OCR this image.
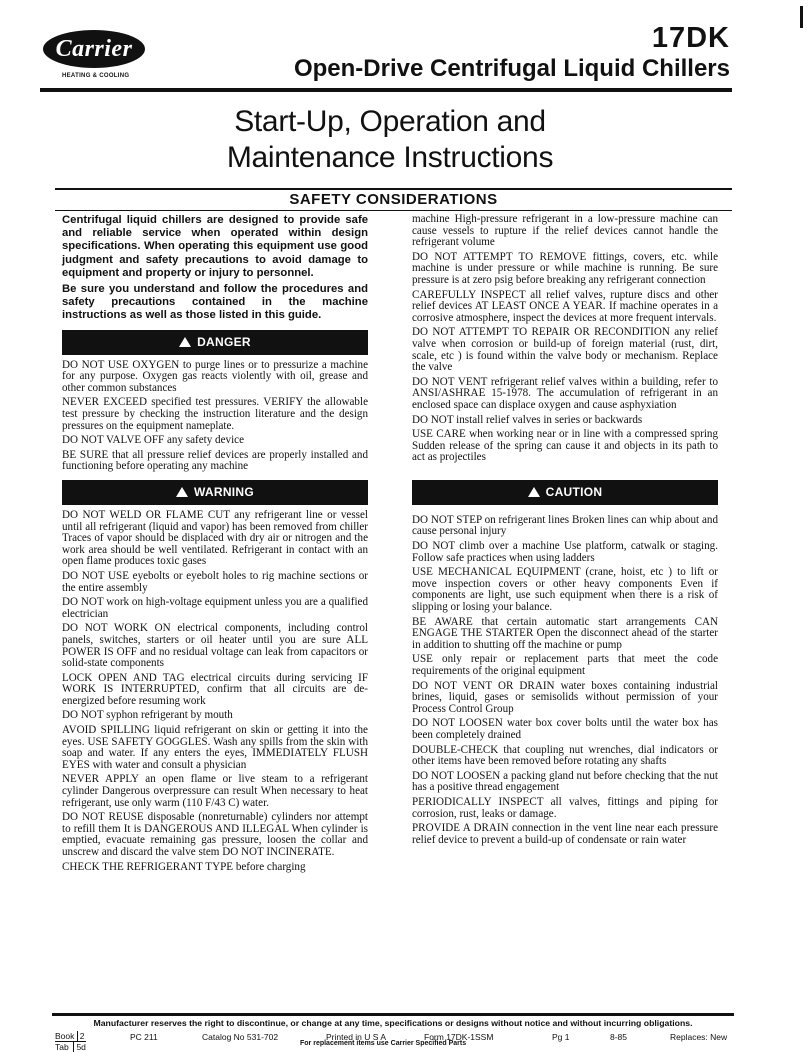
Carrier
HEATING & COOLING
17DK
Open-Drive Centrifugal Liquid Chillers
Start-Up, Operation and
Maintenance Instructions
SAFETY CONSIDERATIONS
Centrifugal liquid chillers are designed to provide safe and reliable service when operated within design specifications. When operating this equipment use good judgment and safety precautions to avoid damage to equipment and property or injury to personnel.
Be sure you understand and follow the procedures and safety precautions contained in the machine instructions as well as those listed in this guide.
DANGER
DO NOT USE OXYGEN to purge lines or to pressurize a machine for any purpose. Oxygen gas reacts violently with oil, grease and other common substances
NEVER EXCEED specified test pressures. VERIFY the allowable test pressure by checking the instruction literature and the design pressures on the equipment nameplate.
DO NOT VALVE OFF any safety device
BE SURE that all pressure relief devices are properly installed and functioning before operating any machine
WARNING
DO NOT WELD OR FLAME CUT any refrigerant line or vessel until all refrigerant (liquid and vapor) has been removed from chiller Traces of vapor should be displaced with dry air or nitrogen and the work area should be well ventilated. Refrigerant in contact with an open flame produces toxic gases
DO NOT USE eyebolts or eyebolt holes to rig machine sections or the entire assembly
DO NOT work on high-voltage equipment unless you are a qualified electrician
DO NOT WORK ON electrical components, including control panels, switches, starters or oil heater until you are sure ALL POWER IS OFF and no residual voltage can leak from capacitors or solid-state components
LOCK OPEN AND TAG electrical circuits during servicing IF WORK IS INTERRUPTED, confirm that all circuits are de-energized before resuming work
DO NOT syphon refrigerant by mouth
AVOID SPILLING liquid refrigerant on skin or getting it into the eyes. USE SAFETY GOGGLES. Wash any spills from the skin with soap and water. If any enters the eyes, IMMEDIATELY FLUSH EYES with water and consult a physician
NEVER APPLY an open flame or live steam to a refrigerant cylinder Dangerous overpressure can result When necessary to heat refrigerant, use only warm (110 F/43 C) water.
DO NOT REUSE disposable (nonreturnable) cylinders nor attempt to refill them It is DANGEROUS AND ILLEGAL When cylinder is emptied, evacuate remaining gas pressure, loosen the collar and unscrew and discard the valve stem DO NOT INCINERATE.
CHECK THE REFRIGERANT TYPE before charging
machine High-pressure refrigerant in a low-pressure machine can cause vessels to rupture if the relief devices cannot handle the refrigerant volume
DO NOT ATTEMPT TO REMOVE fittings, covers, etc. while machine is under pressure or while machine is running. Be sure pressure is at zero psig before breaking any refrigerant connection
CAREFULLY INSPECT all relief valves, rupture discs and other relief devices AT LEAST ONCE A YEAR. If machine operates in a corrosive atmosphere, inspect the devices at more frequent intervals.
DO NOT ATTEMPT TO REPAIR OR RECONDITION any relief valve when corrosion or build-up of foreign material (rust, dirt, scale, etc ) is found within the valve body or mechanism. Replace the valve
DO NOT VENT refrigerant relief valves within a building, refer to ANSI/ASHRAE 15-1978. The accumulation of refrigerant in an enclosed space can displace oxygen and cause asphyxiation
DO NOT install relief valves in series or backwards
USE CARE when working near or in line with a compressed spring Sudden release of the spring can cause it and objects in its path to act as projectiles
CAUTION
DO NOT STEP on refrigerant lines Broken lines can whip about and cause personal injury
DO NOT climb over a machine Use platform, catwalk or staging. Follow safe practices when using ladders
USE MECHANICAL EQUIPMENT (crane, hoist, etc ) to lift or move inspection covers or other heavy components Even if components are light, use such equipment when there is a risk of slipping or losing your balance.
BE AWARE that certain automatic start arrangements CAN ENGAGE THE STARTER Open the disconnect ahead of the starter in addition to shutting off the machine or pump
USE only repair or replacement parts that meet the code requirements of the original equipment
DO NOT VENT OR DRAIN water boxes containing industrial brines, liquid, gases or semisolids without permission of your Process Control Group
DO NOT LOOSEN water box cover bolts until the water box has been completely drained
DOUBLE-CHECK that coupling nut wrenches, dial indicators or other items have been removed before rotating any shafts
DO NOT LOOSEN a packing gland nut before checking that the nut has a positive thread engagement
PERIODICALLY INSPECT all valves, fittings and piping for corrosion, rust, leaks or damage.
PROVIDE A DRAIN connection in the vent line near each pressure relief device to prevent a build-up of condensate or rain water
Manufacturer reserves the right to discontinue, or change at any time, specifications or designs without notice and without incurring obligations.
Book 2
Tab 5d
PC 211	Catalog No 531-702	Printed in U S A	Form 17DK-1SSM	Pg 1	8-85	Replaces: New
For replacement items use Carrier Specified Parts
